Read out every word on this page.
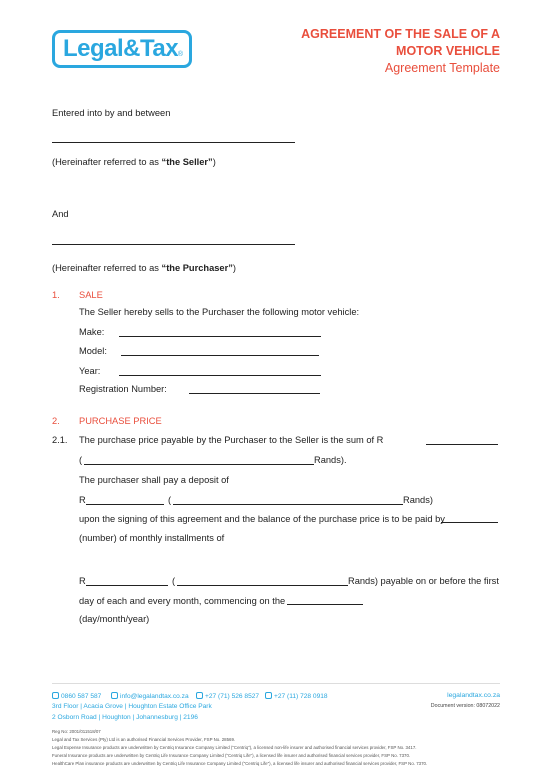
Legal&Tax ®
AGREEMENT OF THE SALE OF A
MOTOR VEHICLE
Agreement Template
Entered into by and between
(Hereinafter referred to as “the Seller”)
And
(Hereinafter referred to as “the Purchaser”)
1. SALE
The Seller hereby sells to the Purchaser the following motor vehicle:
Make:
Model:
Year:
Registration Number:
2. PURCHASE PRICE
2.1. The purchase price payable by the Purchaser to the Seller is the sum of R
(	Rands).
The purchaser shall pay a deposit of
R	(	Rands)
upon the signing of this agreement and the balance of the purchase price is to be paid by
(number) of monthly installments of
R	(	Rands) payable on or before the first
day of each and every month, commencing on the
(day/month/year)
0860 587 587	info@legalandtax.co.za	+27 (71) 526 8527	+27 (11) 728 0918	legalandtax.co.za
3rd Floor | Acacia Grove | Houghton Estate Office Park
2 Osborn Road | Houghton | Johannesburg | 2196
Document version: 08072022
Reg No: 2001/011518/07
Legal and Tax Services (Pty) Ltd is an authorised Financial Services Provider, FSP No. 28569.
Legal Expense Insurance products are underwritten by Centriq Insurance Company Limited ("Centriq"), a licensed non-life insurer and authorised financial services provider, FSP No. 3417.
Funeral Insurance products are underwritten by Centriq Life Insurance Company Limited ("Centriq Life"), a licensed life insurer and authorised financial services provider, FSP No. 7370.
HealthCare Plan insurance products are underwritten by Centriq Life Insurance Company Limited ("Centriq Life"), a licensed life insurer and authorised financial services provider, FSP No. 7370.
